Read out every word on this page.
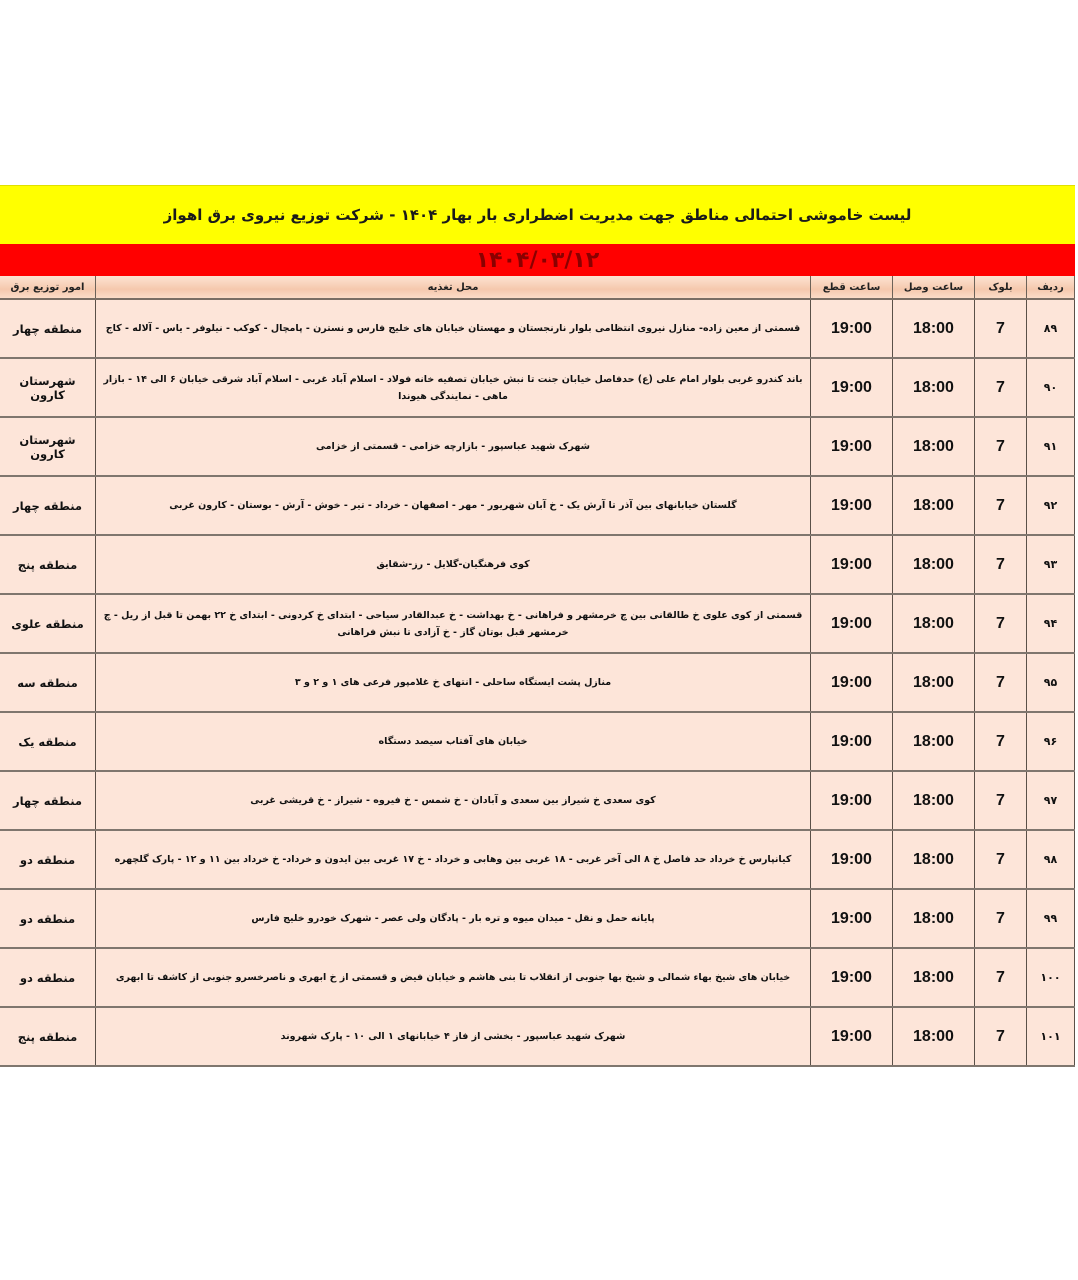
لیست خاموشی احتمالی مناطق جهت مدیریت اضطراری بار بهار ۱۴۰۴ - شرکت توزیع نیروی برق اهواز
۱۴۰۴/۰۳/۱۲
ردیف	بلوک	ساعت وصل	ساعت قطع	محل تغذیه	امور توزیع برق
۸۹	7	18:00	19:00	قسمتی از معین زاده- منازل نیروی انتظامی بلوار نارنجستان و مهستان خیابان های خلیج فارس و نسترن - پامچال - کوکب - نیلوفر - یاس - آلاله - کاج	منطقه چهار
۹۰	7	18:00	19:00	باند کندرو غربی بلوار امام علی (ع) حدفاصل خیابان جنت تا نبش خیابان تصفیه خانه فولاد - اسلام آباد غربی - اسلام آباد شرقی خیابان ۶ الی ۱۴ - بازار ماهی - نمایندگی هیوندا	شهرستان کارون
۹۱	7	18:00	19:00	شهرک شهید عباسپور - بازارچه خزامی - قسمتی از خزامی	شهرستان کارون
۹۲	7	18:00	19:00	گلستان خیابانهای بین آذر تا آرش یک - خ آبان شهریور - مهر - اصفهان - خرداد - تیر - خوش - آرش - بوستان - کارون غربی	منطقه چهار
۹۳	7	18:00	19:00	کوی فرهنگیان-گلایل - رز-شقایق	منطقه پنج
۹۴	7	18:00	19:00	قسمتی از کوی علوی خ طالقانی بین چ خرمشهر و فراهانی - خ بهداشت - خ عبدالقادر سیاحی - ابتدای خ کردونی - ابتدای خ ۲۲ بهمن تا قبل از ریل - چ خرمشهر قبل بوتان گاز - خ آزادی تا نبش فراهانی	منطقه علوی
۹۵	7	18:00	19:00	منازل پشت ایستگاه ساحلی - انتهای خ غلامپور فرعی های ۱ و ۲ و ۳	منطقه سه
۹۶	7	18:00	19:00	خیابان های آفتاب سیصد دستگاه	منطقه یک
۹۷	7	18:00	19:00	کوی سعدی خ شیراز بین سعدی و آبادان - خ شمس - خ فیروه - شیراز - خ قریشی غربی	منطقه چهار
۹۸	7	18:00	19:00	کیانپارس خ خرداد حد فاصل خ ۸ الی آخر غربی - ۱۸ غربی بین وهابی و خرداد - خ ۱۷ غربی بین ایدون و خرداد- خ خرداد بین ۱۱ و ۱۲ - پارک گلچهره	منطقه دو
۹۹	7	18:00	19:00	پایانه حمل و نقل - میدان میوه و تره بار - پادگان ولی عصر - شهرک خودرو خلیج فارس	منطقه دو
۱۰۰	7	18:00	19:00	خیابان های شیخ بهاء شمالی و شیخ بها جنوبی از انقلاب تا بنی هاشم و خیابان فیض و قسمتی از خ ابهری و ناصرخسرو جنوبی از کاشف تا ابهری	منطقه دو
۱۰۱	7	18:00	19:00	شهرک شهید عباسپور - بخشی از فاز ۴ خیابانهای ۱ الی ۱۰ - پارک شهروند	منطقه پنج
